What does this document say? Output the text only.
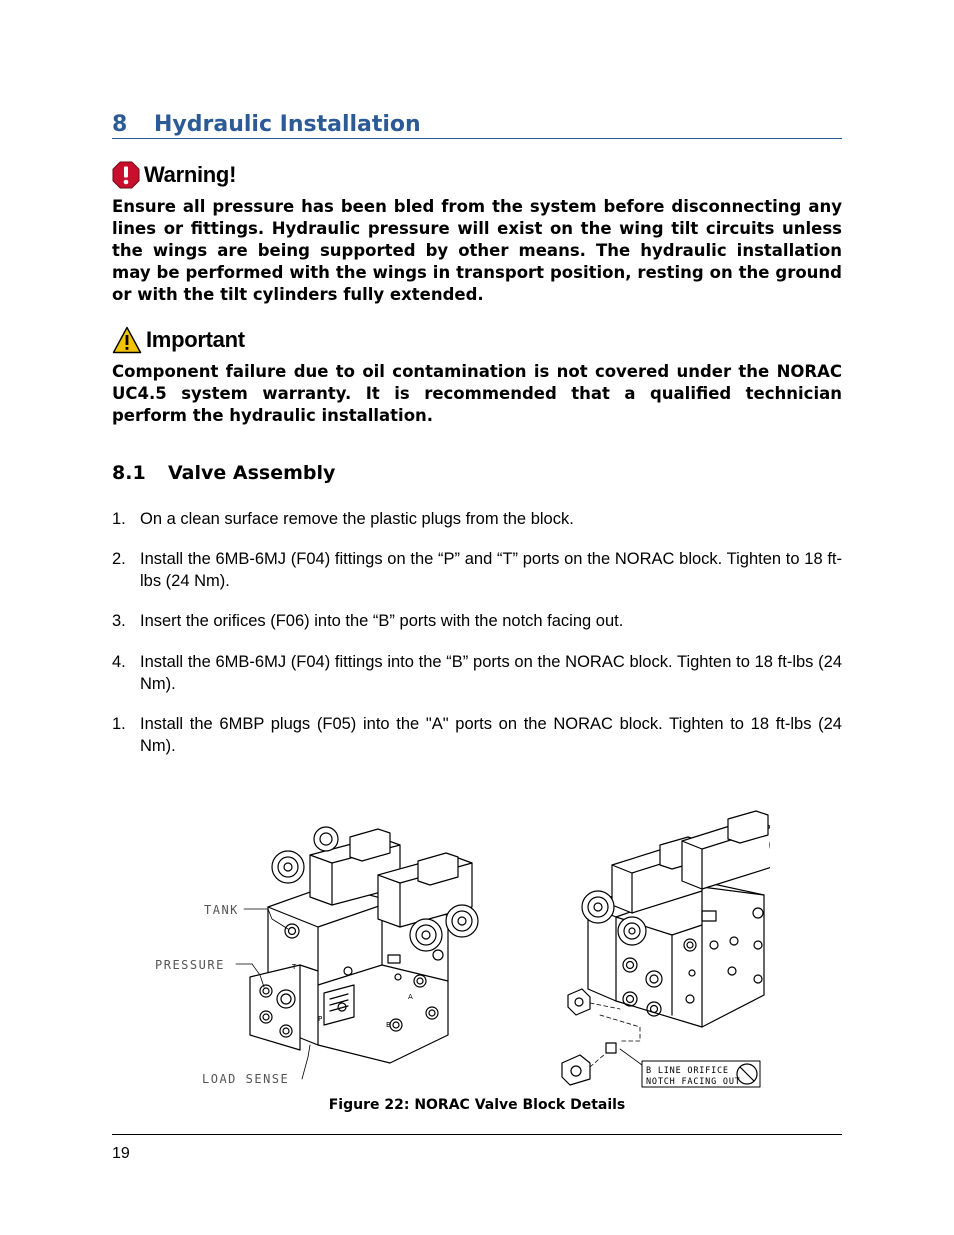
8 Hydraulic Installation
Warning!
Ensure all pressure has been bled from the system before disconnecting any lines or fittings. Hydraulic pressure will exist on the wing tilt circuits unless the wings are being supported by other means. The hydraulic installation may be performed with the wings in transport position, resting on the ground or with the tilt cylinders fully extended.
Important
Component failure due to oil contamination is not covered under the NORAC UC4.5 system warranty. It is recommended that a qualified technician perform the hydraulic installation.
8.1 Valve Assembly
1. On a clean surface remove the plastic plugs from the block.
2. Install the 6MB-6MJ (F04) fittings on the “P” and “T” ports on the NORAC block. Tighten to 18 ft-lbs (24 Nm).
3. Insert the orifices (F06) into the “B” ports with the notch facing out.
4. Install the 6MB-6MJ (F04) fittings into the “B” ports on the NORAC block. Tighten to 18 ft-lbs (24 Nm).
1. Install the 6MBP plugs (F05) into the "A" ports on the NORAC block. Tighten to 18 ft-lbs (24 Nm).
TANK
PRESSURE
LOAD SENSE
T
A
B
P
B LINE ORIFICE
NOTCH FACING OUT
Figure 22: NORAC Valve Block Details
19
